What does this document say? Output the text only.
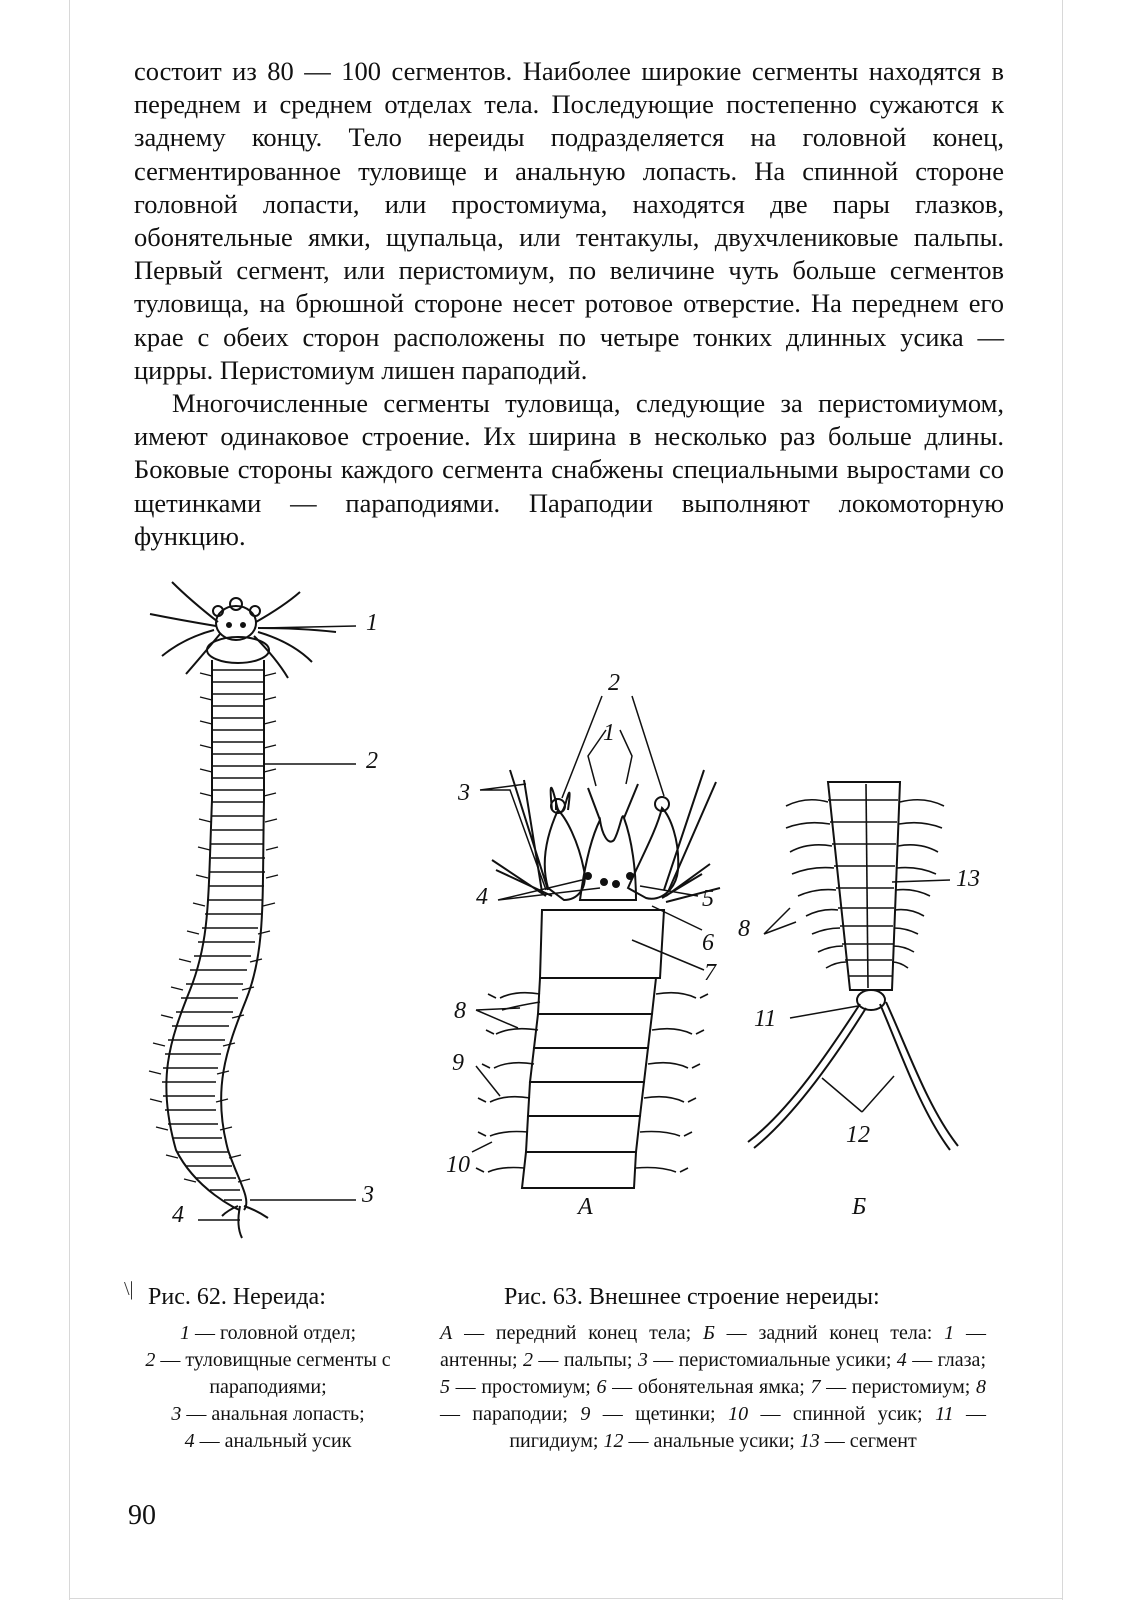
состоит из 80 — 100 сегментов. Наиболее широкие сегменты находятся в переднем и среднем отделах тела. Последующие постепенно сужаются к заднему концу. Тело нереиды подразделяется на головной конец, сегментированное туловище и анальную лопасть. На спинной стороне головной лопасти, или простомиума, находятся две пары глазков, обонятельные ямки, щупальца, или тентакулы, двухчлениковые пальпы. Первый сегмент, или перистомиум, по величине чуть больше сегментов туловища, на брюшной стороне несет ротовое отверстие. На переднем его крае с обеих сторон расположены по четыре тонких длинных усика — цирры. Перистомиум лишен параподий.

Многочисленные сегменты туловища, следующие за перистомиумом, имеют одинаковое строение. Их ширина в несколько раз больше длины. Боковые стороны каждого сегмента снабжены специальными выростами со щетинками — параподиями. Параподии выполняют локомоторную функцию.

1
2
3
4
2
1
3
4	5
6
7
8
9
10
А
13
8
11
12
Б
\| Рис. 62. Нереида:

1 — головной отдел;
2 — туловищные сегменты с параподиями;
3 — анальная лопасть;
4 — анальный усик

Рис. 63. Внешнее строение нереиды:

А — передний конец тела; Б — задний конец тела: 1 — антенны; 2 — пальпы; 3 — перистомиальные усики; 4 — глаза; 5 — простомиум; 6 — обонятельная ямка; 7 — перистомиум; 8 — параподии; 9 — щетинки; 10 — спинной усик; 11 — пигидиум; 12 — анальные усики; 13 — сегмент

90
